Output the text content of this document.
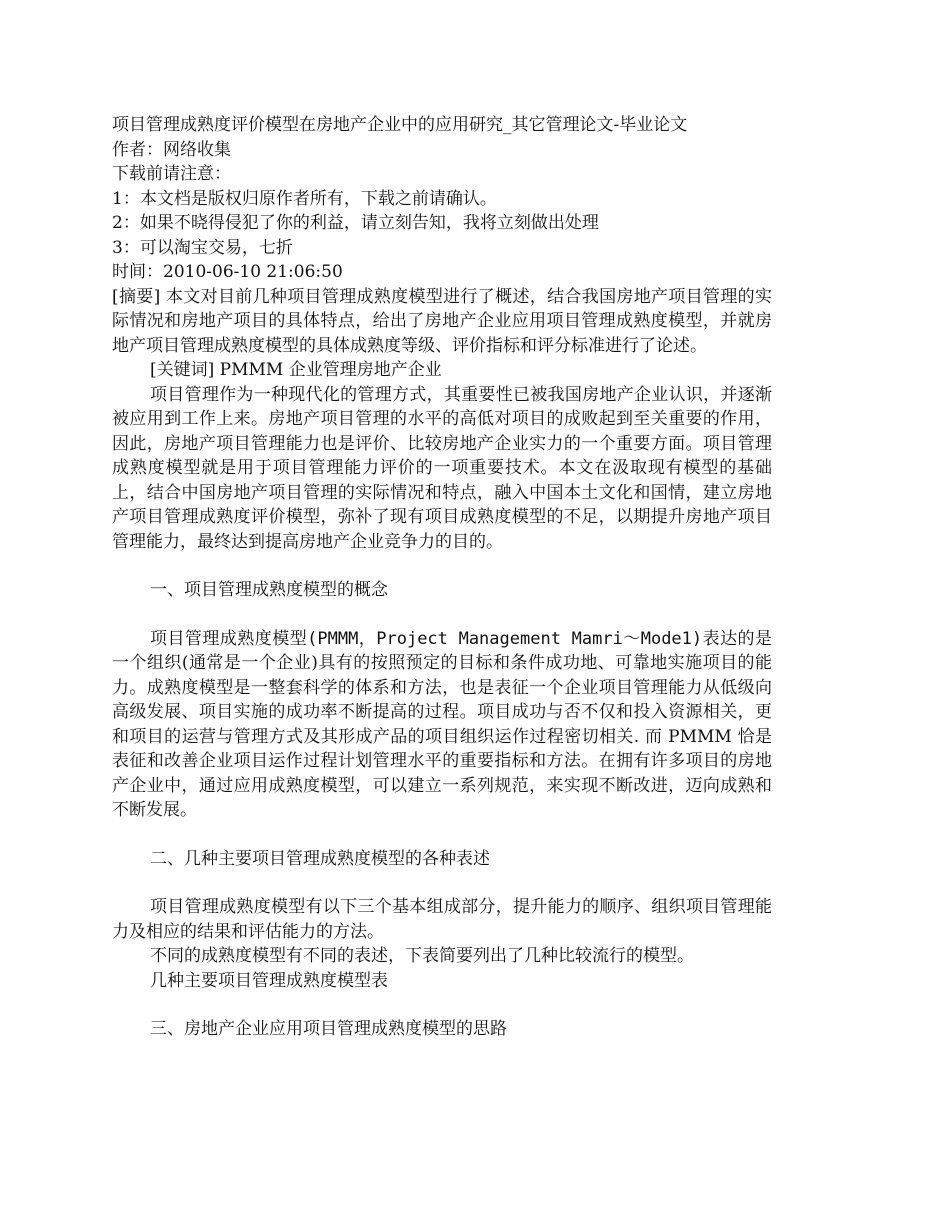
项目管理成熟度评价模型在房地产企业中的应用研究_其它管理论文-毕业论文
作者：网络收集
下载前请注意：
1：本文档是版权归原作者所有，下载之前请确认。
2：如果不晓得侵犯了你的利益，请立刻告知，我将立刻做出处理
3：可以淘宝交易，七折
时间：2010-06-10 21:06:50
[摘要] 本文对目前几种项目管理成熟度模型进行了概述，结合我国房地产项目管理的实际情况和房地产项目的具体特点，给出了房地产企业应用项目管理成熟度模型，并就房地产项目管理成熟度模型的具体成熟度等级、评价指标和评分标准进行了论述。
[关键词] PMMM 企业管理房地产企业
项目管理作为一种现代化的管理方式，其重要性已被我国房地产企业认识，并逐渐被应用到工作上来。房地产项目管理的水平的高低对项目的成败起到至关重要的作用，因此，房地产项目管理能力也是评价、比较房地产企业实力的一个重要方面。项目管理成熟度模型就是用于项目管理能力评价的一项重要技术。本文在汲取现有模型的基础上，结合中国房地产项目管理的实际情况和特点，融入中国本土文化和国情，建立房地产项目管理成熟度评价模型，弥补了现有项目成熟度模型的不足，以期提升房地产项目管理能力，最终达到提高房地产企业竞争力的目的。
一、项目管理成熟度模型的概念
项目管理成熟度模型(PMMM，Project Management Mamri～Mode1)表达的是一个组织(通常是一个企业)具有的按照预定的目标和条件成功地、可靠地实施项目的能力。成熟度模型是一整套科学的体系和方法，也是表征一个企业项目管理能力从低级向高级发展、项目实施的成功率不断提高的过程。项目成功与否不仅和投入资源相关，更和项目的运营与管理方式及其形成产品的项目组织运作过程密切相关. 而 PMMM 恰是表征和改善企业项目运作过程计划管理水平的重要指标和方法。在拥有许多项目的房地产企业中，通过应用成熟度模型，可以建立一系列规范，来实现不断改进，迈向成熟和不断发展。
二、几种主要项目管理成熟度模型的各种表述
项目管理成熟度模型有以下三个基本组成部分，提升能力的顺序、组织项目管理能力及相应的结果和评估能力的方法。
不同的成熟度模型有不同的表述，下表简要列出了几种比较流行的模型。
几种主要项目管理成熟度模型表
三、房地产企业应用项目管理成熟度模型的思路
